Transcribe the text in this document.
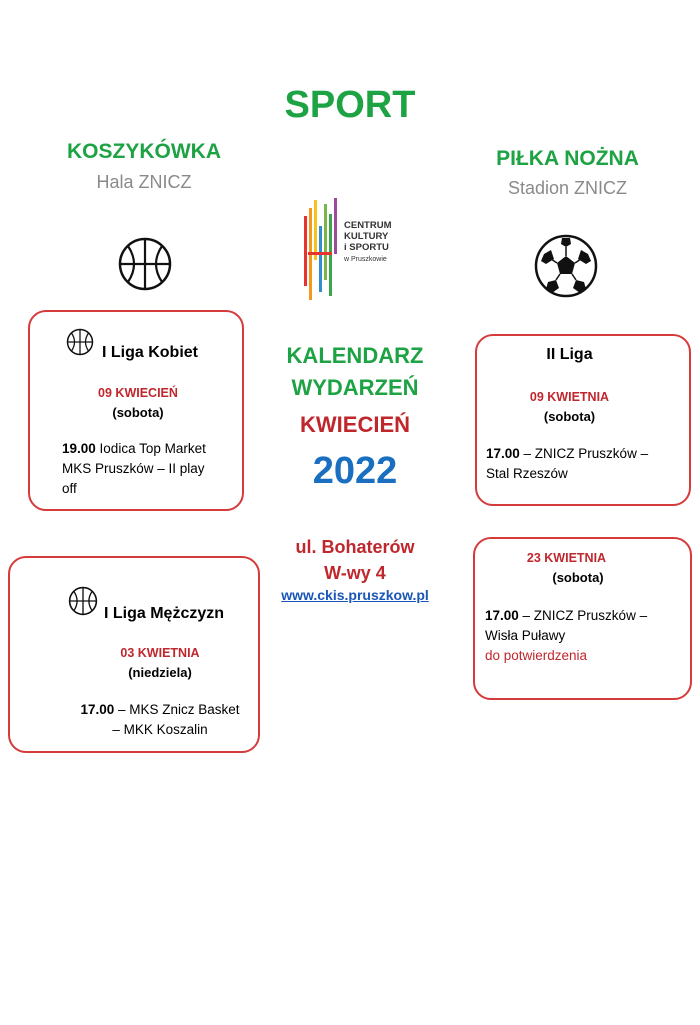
SPORT
KOSZYKÓWKA
Hala ZNICZ
PIŁKA NOŻNA
Stadion ZNICZ
CENTRUM
KULTURY
i SPORTU
w Pruszkowie
KALENDARZ
WYDARZEŃ
KWIECIEŃ
2022
ul. Bohaterów
W-wy 4
www.ckis.pruszkow.pl
I Liga Kobiet
09 KWIECIEŃ
(sobota)
19.00 Iodica Top Market
MKS Pruszków – II play
off
I Liga Mężczyzn
03 KWIETNIA
(niedziela)
17.00 – MKS Znicz Basket
– MKK Koszalin
II Liga
09 KWIETNIA
(sobota)
17.00 – ZNICZ Pruszków –
Stal Rzeszów
23 KWIETNIA
(sobota)
17.00 – ZNICZ Pruszków –
Wisła Puławy
do potwierdzenia
